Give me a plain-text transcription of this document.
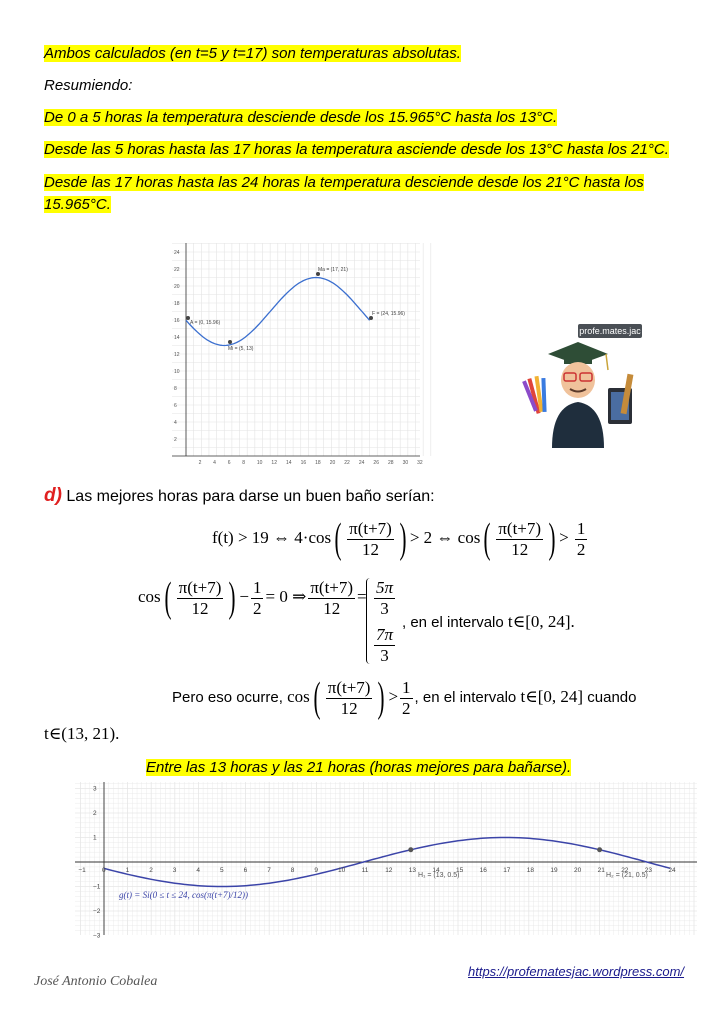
Ambos calculados (en t=5 y t=17) son temperaturas absolutas.
Resumiendo:
De 0 a 5 horas la temperatura desciende desde los 15.965°C hasta los 13°C.
Desde las 5 horas hasta las 17 horas la temperatura asciende desde los 13°C hasta los 21°C.
Desde las 17 horas hasta las 24 horas la temperatura desciende desde los 21°C hasta los
15.965°C.
24
22
20
18
16
14
12
10
8
6
4
2
2 4 6 8 10 12 14 16 18 20 22 24 26 28 30 32
A = (0, 15.96)
Mi = (5, 13)
Ma = (17, 21)
F = (24, 15.96)
profe.mates.jac
d) Las mejores horas para darse un buen baño serían:
f(t) > 19 ⇔ $4\cdot\cos( \frac{\pi(t+7)}{12}$ ) > 2 ⇔ $\cos( \frac{\pi(t+7)}{12}$ ) > $\frac{1}{2}$
$\cos( \frac{\pi(t+7)}{12}$ ) − $\frac{1}{2} = 0$ ⇒ $\frac{\pi(t+7)}{12} = \frac{5\pi}{3}$

$\frac{7\pi}{3}$
, en el intervalo t∈[0, 24].
Pero eso ocurre, $\cos( \frac{\pi(t+7)}{12}$ ) > $\frac{1}{2}$ , en el intervalo t∈[0, 24] cuando
t∈(13, 21).
Entre las 13 horas y las 21 horas (horas mejores para bañarse).
3
2
1
−1
−2
−3
−1 0	1	2	3	4	5	6	7	8	9	10	11	12	13	14	15	16	17	18	19	20	21	22	23	24
H₁ = (13, 0.5)	H₂ = (21, 0.5)
g(t) = Si(0 ≤ t ≤ 24, cos(π(t+7)/12))
José Antonio Cobalea
https://profematesjac.wordpress.com/
